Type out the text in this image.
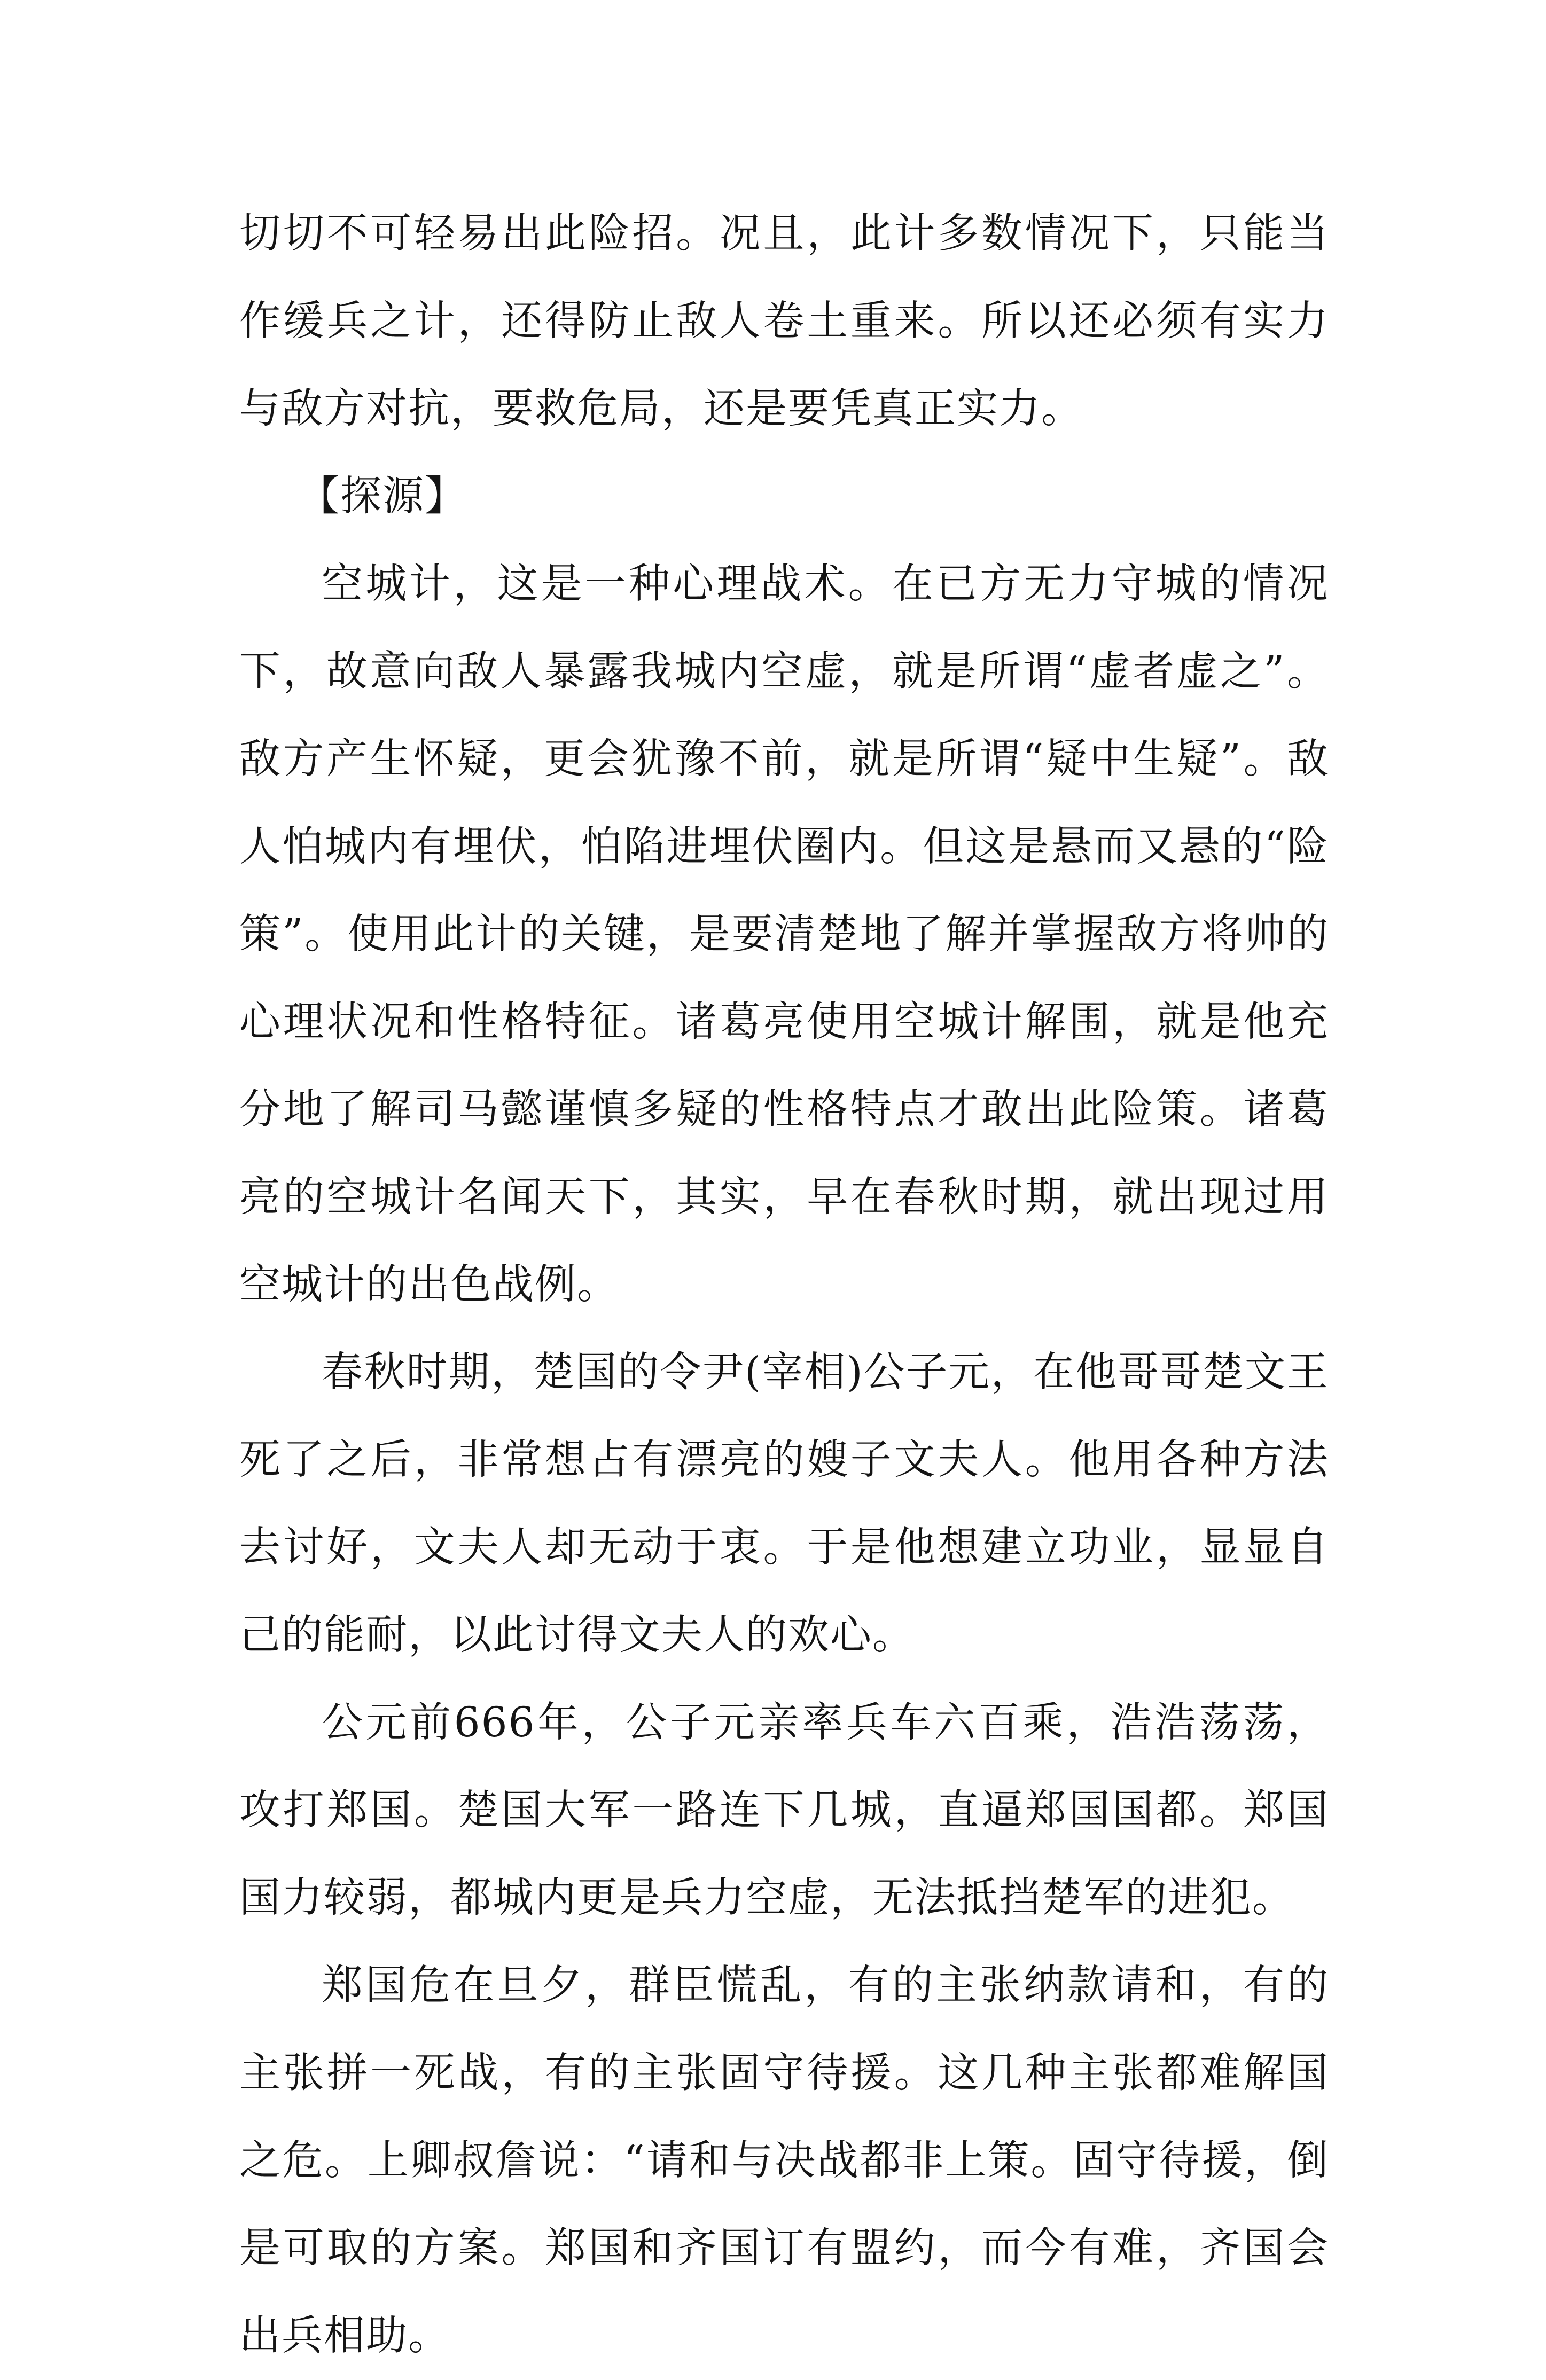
切切不可轻易出此险招。况且，此计多数情况下，只能当作缓兵之计，还得防止敌人卷土重来。所以还必须有实力与敌方对抗，要救危局，还是要凭真正实力。

【探源】

空城计，这是一种心理战术。在已方无力守城的情况下，故意向敌人暴露我城内空虚，就是所谓“虚者虚之”。敌方产生怀疑，更会犹豫不前，就是所谓“疑中生疑”。敌人怕城内有埋伏，怕陷进埋伏圈内。但这是悬而又悬的“险策”。使用此计的关键，是要清楚地了解并掌握敌方将帅的心理状况和性格特征。诸葛亮使用空城计解围，就是他充分地了解司马懿谨慎多疑的性格特点才敢出此险策。诸葛亮的空城计名闻天下，其实，早在春秋时期，就出现过用空城计的出色战例。

春秋时期，楚国的令尹(宰相)公子元，在他哥哥楚文王死了之后，非常想占有漂亮的嫂子文夫人。他用各种方法去讨好，文夫人却无动于衷。于是他想建立功业，显显自己的能耐，以此讨得文夫人的欢心。

公元前666年，公子元亲率兵车六百乘，浩浩荡荡，攻打郑国。楚国大军一路连下几城，直逼郑国国都。郑国国力较弱，都城内更是兵力空虚，无法抵挡楚军的进犯。

郑国危在旦夕，群臣慌乱，有的主张纳款请和，有的主张拼一死战，有的主张固守待援。这几种主张都难解国之危。上卿叔詹说：“请和与决战都非上策。固守待援，倒是可取的方案。郑国和齐国订有盟约，而今有难，齐国会出兵相助。
